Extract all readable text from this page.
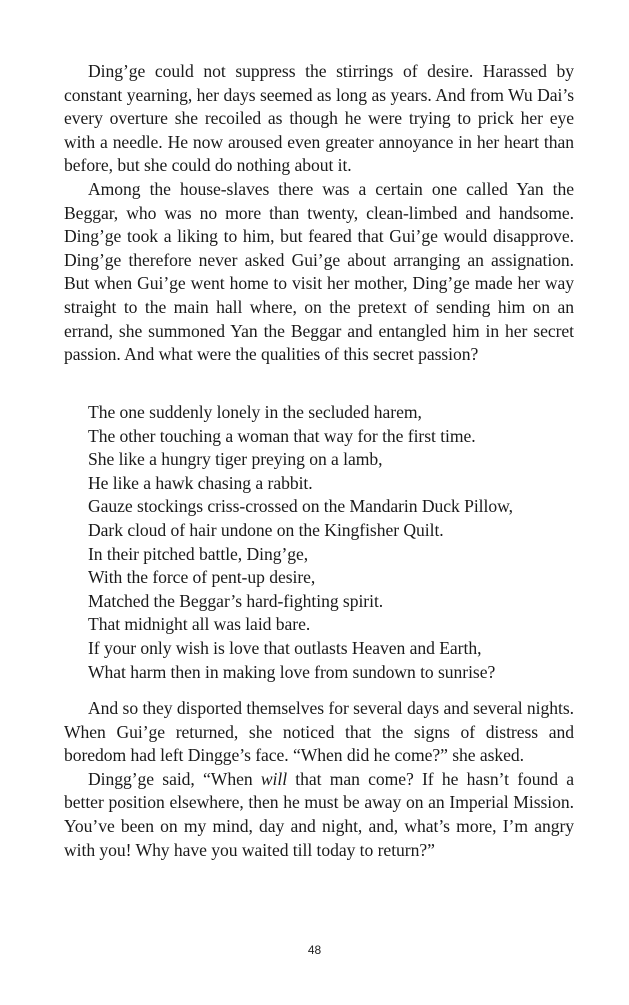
Ding’ge could not suppress the stirrings of desire. Harassed by constant yearning, her days seemed as long as years. And from Wu Dai’s every overture she recoiled as though he were trying to prick her eye with a needle. He now aroused even greater annoyance in her heart than before, but she could do nothing about it.

Among the house-slaves there was a certain one called Yan the Beggar, who was no more than twenty, clean-limbed and handsome. Ding’ge took a liking to him, but feared that Gui’ge would disapprove. Ding’ge therefore never asked Gui’ge about arranging an assignation. But when Gui’ge went home to visit her mother, Ding’ge made her way straight to the main hall where, on the pretext of sending him on an errand, she summoned Yan the Beggar and entangled him in her secret passion. And what were the qualities of this secret passion?

The one suddenly lonely in the secluded harem,
The other touching a woman that way for the first time.
She like a hungry tiger preying on a lamb,
He like a hawk chasing a rabbit.
Gauze stockings criss-crossed on the Mandarin Duck Pillow,
Dark cloud of hair undone on the Kingfisher Quilt.
In their pitched battle, Ding’ge,
With the force of pent-up desire,
Matched the Beggar’s hard-fighting spirit.
That midnight all was laid bare.
If your only wish is love that outlasts Heaven and Earth,
What harm then in making love from sundown to sunrise?

And so they disported themselves for several days and several nights. When Gui’ge returned, she noticed that the signs of distress and boredom had left Dingge’s face. “When did he come?” she asked.

Dingg’ge said, “When will that man come? If he hasn’t found a better position elsewhere, then he must be away on an Imperial Mission. You’ve been on my mind, day and night, and, what’s more, I’m angry with you! Why have you waited till today to return?”

48
